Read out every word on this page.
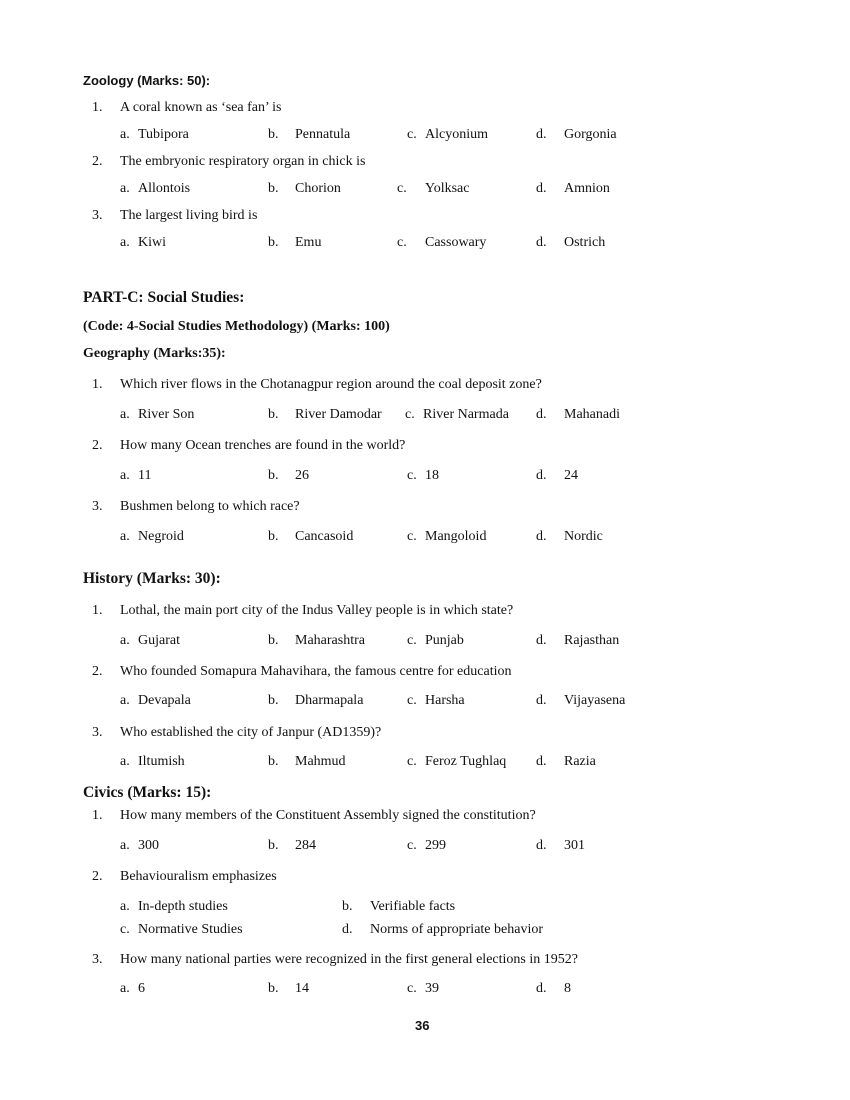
Zoology (Marks: 50):
1. A coral known as ‘sea fan’ is
a. Tubipora	b. Pennatula	c. Alcyonium	d. Gorgonia
2. The embryonic respiratory organ in chick is
a. Allontois	b. Chorion	c. Yolksac	d. Amnion
3. The largest living bird is
a. Kiwi	b. Emu	c. Cassowary	d. Ostrich
PART-C: Social Studies:
(Code: 4-Social Studies Methodology) (Marks: 100)
Geography (Marks:35):
1. Which river flows in the Chotanagpur region around the coal deposit zone?
a. River Son	b. River Damodar c. River Narmada d. Mahanadi
2. How many Ocean trenches are found in the world?
a. 11	b. 26	c. 18	d. 24
3. Bushmen belong to which race?
a. Negroid	b. Cancasoid	c. Mangoloid	d. Nordic
History (Marks: 30):
1. Lothal, the main port city of the Indus Valley people is in which state?
a. Gujarat	b. Maharashtra	c. Punjab	d. Rajasthan
2. Who founded Somapura Mahavihara, the famous centre for education
a. Devapala	b. Dharmapala	c. Harsha	d. Vijayasena
3. Who established the city of Janpur (AD1359)?
a. Iltumish	b. Mahmud	c. Feroz Tughlaq d. Razia
Civics (Marks: 15):
1. How many members of the Constituent Assembly signed the constitution?
a. 300	b. 284	c. 299	d. 301
2. Behaviouralism emphasizes
a. In-depth studies	b. Verifiable facts
c. Normative Studies	d. Norms of appropriate behavior
3. How many national parties were recognized in the first general elections in 1952?
a. 6	b. 14	c. 39	d. 8
36
